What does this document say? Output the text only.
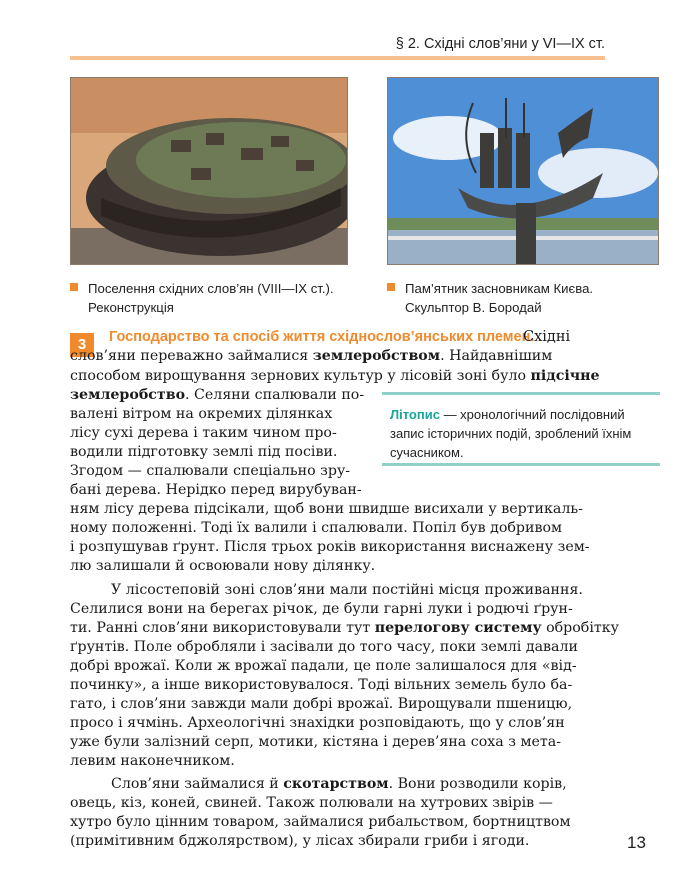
§ 2. Східні слов’яни у VI—IX ст.
Поселення східних слов’ян (VIII—IX ст.).
Реконструкція
Пам’ятник засновникам Києва.
Скульптор В. Бородай
3	Господарство та спосіб життя східнослов’янських племен.
Східні
слов’яни переважно займалися землеробством. Найдавнішим
способом вирощування зернових культур у лісовій зоні було підсічне
землеробство. Селяни спалювали по-
валені вітром на окремих ділянках
лісу сухі дерева і таким чином про-
водили підготовку землі під посіви.
Згодом — спалювали спеціально зру-
бані дерева. Нерідко перед вирубуван-
ням лісу дерева підсікали, щоб вони швидше висихали у вертикаль-
ному положенні. Тоді їх валили і спалювали. Попіл був добривом
і розпушував ґрунт. Після трьох років використання виснажену зем-
лю залишали й освоювали нову ділянку.
Літопис — хронологічний послідовний запис історичних подій, зроблений їхнім сучасником.
У лісостеповій зоні слов’яни мали постійні місця проживання.
Селилися вони на берегах річок, де були гарні луки і родючі ґрун-
ти. Ранні слов’яни використовували тут перелогову систему обробітку
ґрунтів. Поле обробляли і засівали до того часу, поки землі давали
добрі врожаї. Коли ж врожаї падали, це поле залишалося для «від-
починку», а інше використовувалося. Тоді вільних земель було ба-
гато, і слов’яни завжди мали добрі врожаї. Вирощували пшеницю,
просо і ячмінь. Археологічні знахідки розповідають, що у слов’ян
уже були залізний серп, мотики, кістяна і дерев’яна соха з мета-
левим наконечником.
Слов’яни займалися й скотарством. Вони розводили корів,
овець, кіз, коней, свиней. Також полювали на хутрових звірів —
хутро було цінним товаром, займалися рибальством, бортництвом
(примітивним бджолярством), у лісах збирали гриби і ягоди.	13
